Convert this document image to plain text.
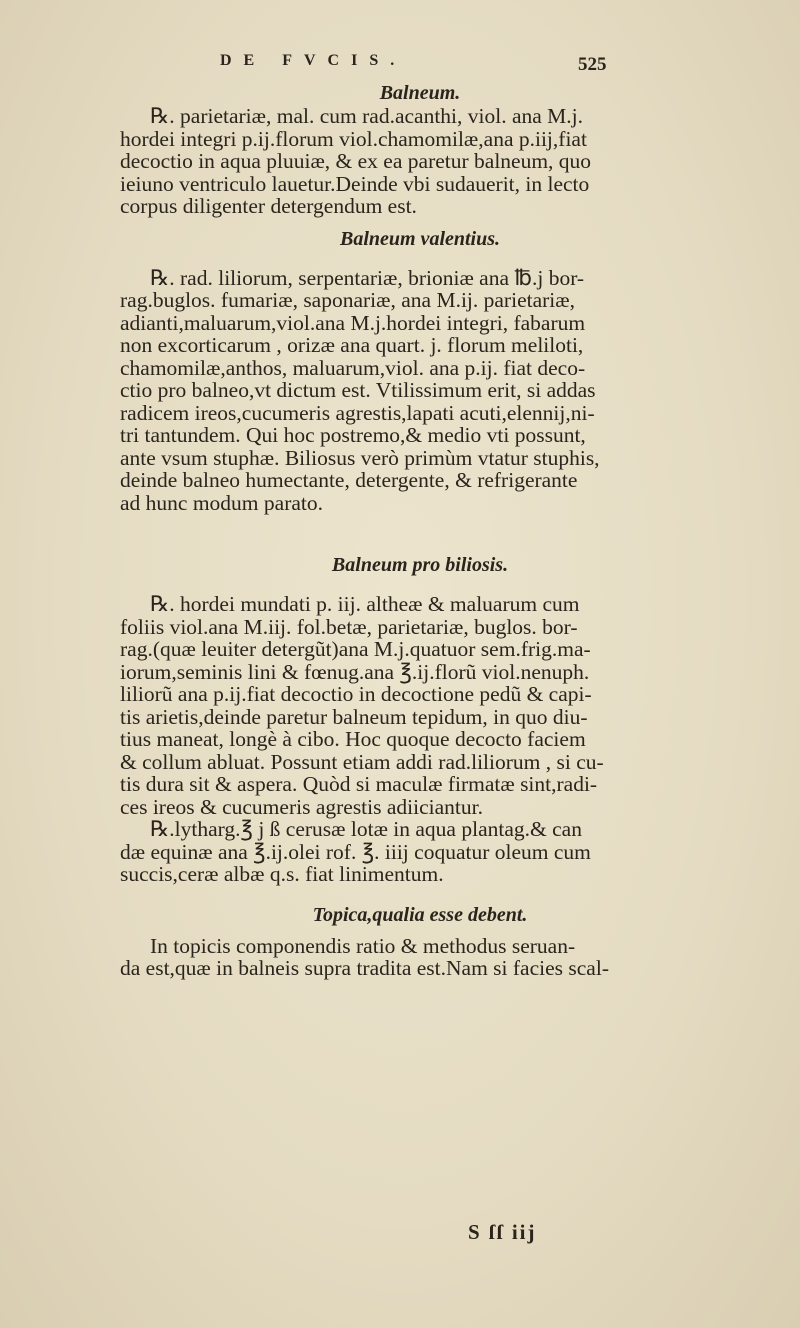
DE FVCIS.	525

Balneum.

℞. parietariæ, mal. cum rad.acanthi, viol. ana M.j.

hordei integri p.ij.florum viol.chamomilæ,ana p.iij,fiat

decoctio in aqua pluuiæ, & ex ea paretur balneum, quo

ieiuno ventriculo lauetur.Deinde vbi sudauerit, in lecto

corpus diligenter detergendum est.

Balneum valentius.

℞. rad. liliorum, serpentariæ, brioniæ ana ℔.j bor-

rag.buglos. fumariæ, saponariæ, ana M.ij. parietariæ,

adianti,maluarum,viol.ana M.j.hordei integri, fabarum

non excorticarum , orizæ ana quart. j. florum meliloti,

chamomilæ,anthos, maluarum,viol. ana p.ij. fiat deco-

ctio pro balneo,vt dictum est. Vtilissimum erit, si addas

radicem ireos,cucumeris agrestis,lapati acuti,elennij,ni-

tri tantundem. Qui hoc postremo,& medio vti possunt,

ante vsum stuphæ. Biliosus verò primùm vtatur stuphis,

deinde balneo humectante, detergente, & refrigerante

ad hunc modum parato.

Balneum pro biliosis.

℞. hordei mundati p. iij. altheæ & maluarum cum

foliis viol.ana M.iij. fol.betæ, parietariæ, buglos. bor-

rag.(quæ leuiter detergũt)ana M.j.quatuor sem.frig.ma-

iorum,seminis lini & fœnug.ana ℥.ij.florũ viol.nenuph.

liliorũ ana p.ij.fiat decoctio in decoctione pedũ & capi-

tis arietis,deinde paretur balneum tepidum, in quo diu-

tius maneat, longè à cibo. Hoc quoque decocto faciem

& collum abluat. Possunt etiam addi rad.liliorum , si cu-

tis dura sit & aspera. Quòd si maculæ firmatæ sint,radi-

ces ireos & cucumeris agrestis adiiciantur.

℞.lytharg.℥ j ß cerusæ lotæ in aqua plantag.& can

dæ equinæ ana ℥.ij.olei rof. ℥. iiij coquatur oleum cum

succis,ceræ albæ q.s. fiat linimentum.

Topica,qualia esse debent.

In topicis componendis ratio & methodus seruan-

da est,quæ in balneis supra tradita est.Nam si facies scal-

S ſſ iij
